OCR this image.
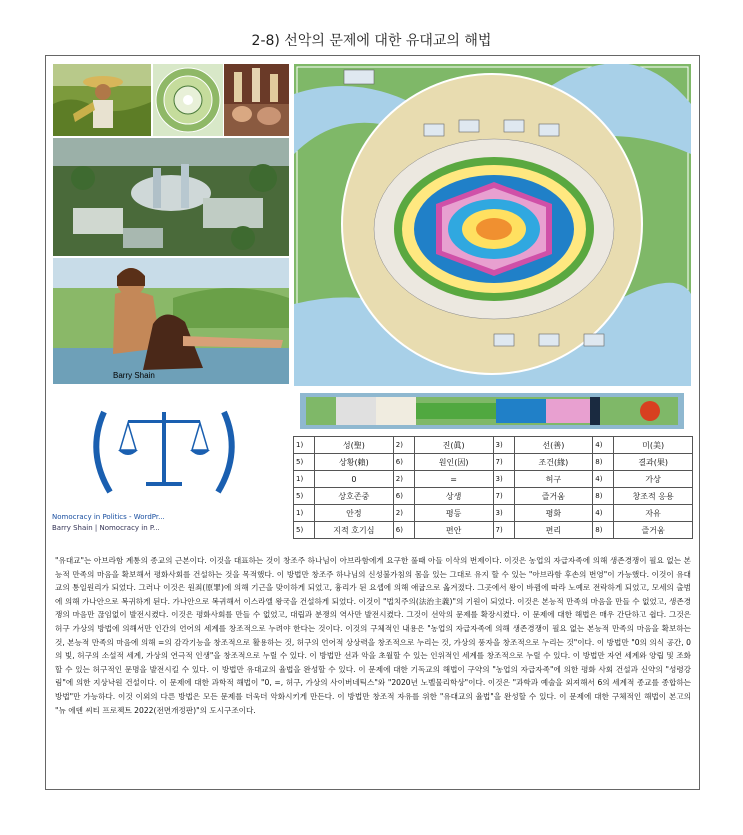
2-8) 선악의 문제에 대한 유대교의 해법
Barry Shain
Nomocracy in Politics - WordPr...
Barry Shain | Nomocracy in P...
1)	성(聖)	2)	진(眞)	3)	선(善)	4)	미(美)
5)	상황(賴)	6)	원인(因)	7)	조건(緣)	8)	결과(果)
1)	0	2)	=	3)	허구	4)	가상
5)	상호존중	6)	상생	7)	즐거움	8)	창조적 응용
1)	안정	2)	평등	3)	평화	4)	자유
5)	지적 호기심	6)	편안	7)	편리	8)	즐거움
"유대교"는 아브라함 계통의 종교의 근본이다. 이것을 대표하는 것이 창조주 하나님이 아브라함에게 요구한 풀때 아들 이삭의 번제이다. 이것은 농업의 자급자족에 의해 생존경쟁이 필요 없는 본능적 만족의 마음을 확보해서 평화사회를 건설하는 것을 목적했다. 이 방법만 창조주 하나님의 신성불가침의 몸을 있는 그대로 유지 할 수 있는 "아브라함 후손의 번영"이 가능했다. 이것이 유대교의 통일원리가 되었다. 그러나 이것은 원죄(原罪)에 의해 기근을 맞이하게 되었고, 흉리가 된 요셉에 의해 애굽으로 옮겨졌다. 그곳에서 왕이 바뀜에 따라 노예로 전락하게 되었고, 모세의 출범에 의해 가나안으로 복귀하게 된다. 가나안으로 복귀해서 이스라엘 왕국을 건설하게 되었다. 이것이 "법치주의(法治主義)"의 기원이 되었다. 이것은 본능적 만족의 마음을 만들 수 없었고, 생존경쟁의 마음만 끊임없이 발전시켰다. 이것은 평화사회를 만들 수 없었고, 대립과 분쟁의 역사만 발전시켰다. 그것이 선악의 문제를 확장시켰다. 이 문제에 대한 해법은 매우 간단하고 쉽다. 그것은 허구 가상의 방법에 의해서만 인간의 언어의 세계를 창조적으로 누려야 한다는 것이다. 이것의 구체적인 내용은 "농업의 자급자족에 의해 생존경쟁이 필요 없는 본능적 만족의 마음을 확보하는 것, 본능적 만족의 마음에 의해 =의 감각기능을 창조적으로 활용하는 것, 허구의 언어적 상상력을 창조적으로 누리는 것, 가상의 풍자을 창조적으로 누리는 것"이다. 이 방법만 "0의 의식 공간, 0의 빛, 허구의 소설적 세계, 가상의 연극적 인생"을 창조적으로 누릴 수 있다. 이 방법만 선과 악을 초월할 수 있는 인위적인 세계를 창조적으로 누릴 수 있다. 이 방법만 자연 세계와 양립 및 조화할 수 있는 허구적인 문명을 발전시킬 수 있다. 이 방법만 유대교의 율법을 완성할 수 있다. 이 문제에 대한 기독교의 해법이 구약의 "농업의 자급자족"에 의한 평화 사회 건설과 신약의 "성령강림"에 의한 지상낙원 건설이다. 이 문제에 대한 과학적 해법이 "0, =, 허구, 가상의 사이버네틱스"와 "2020년 노벨물리학상"이다. 이것은 "과학과 예술을 외져해서 6의 세계적 종교를 종합하는 방법"만 가능하다. 이것 이외의 다른 방법은 모든 문제를 더욱더 악화시키게 만든다. 이 방법만 창조적 자유를 위한 "유대교의 율법"을 완성할 수 있다. 이 문제에 대한 구체적인 해법이 본고의 "뉴 에덴 씨티 프로젝트 2022(전면개정판)"의 도시구조이다.
